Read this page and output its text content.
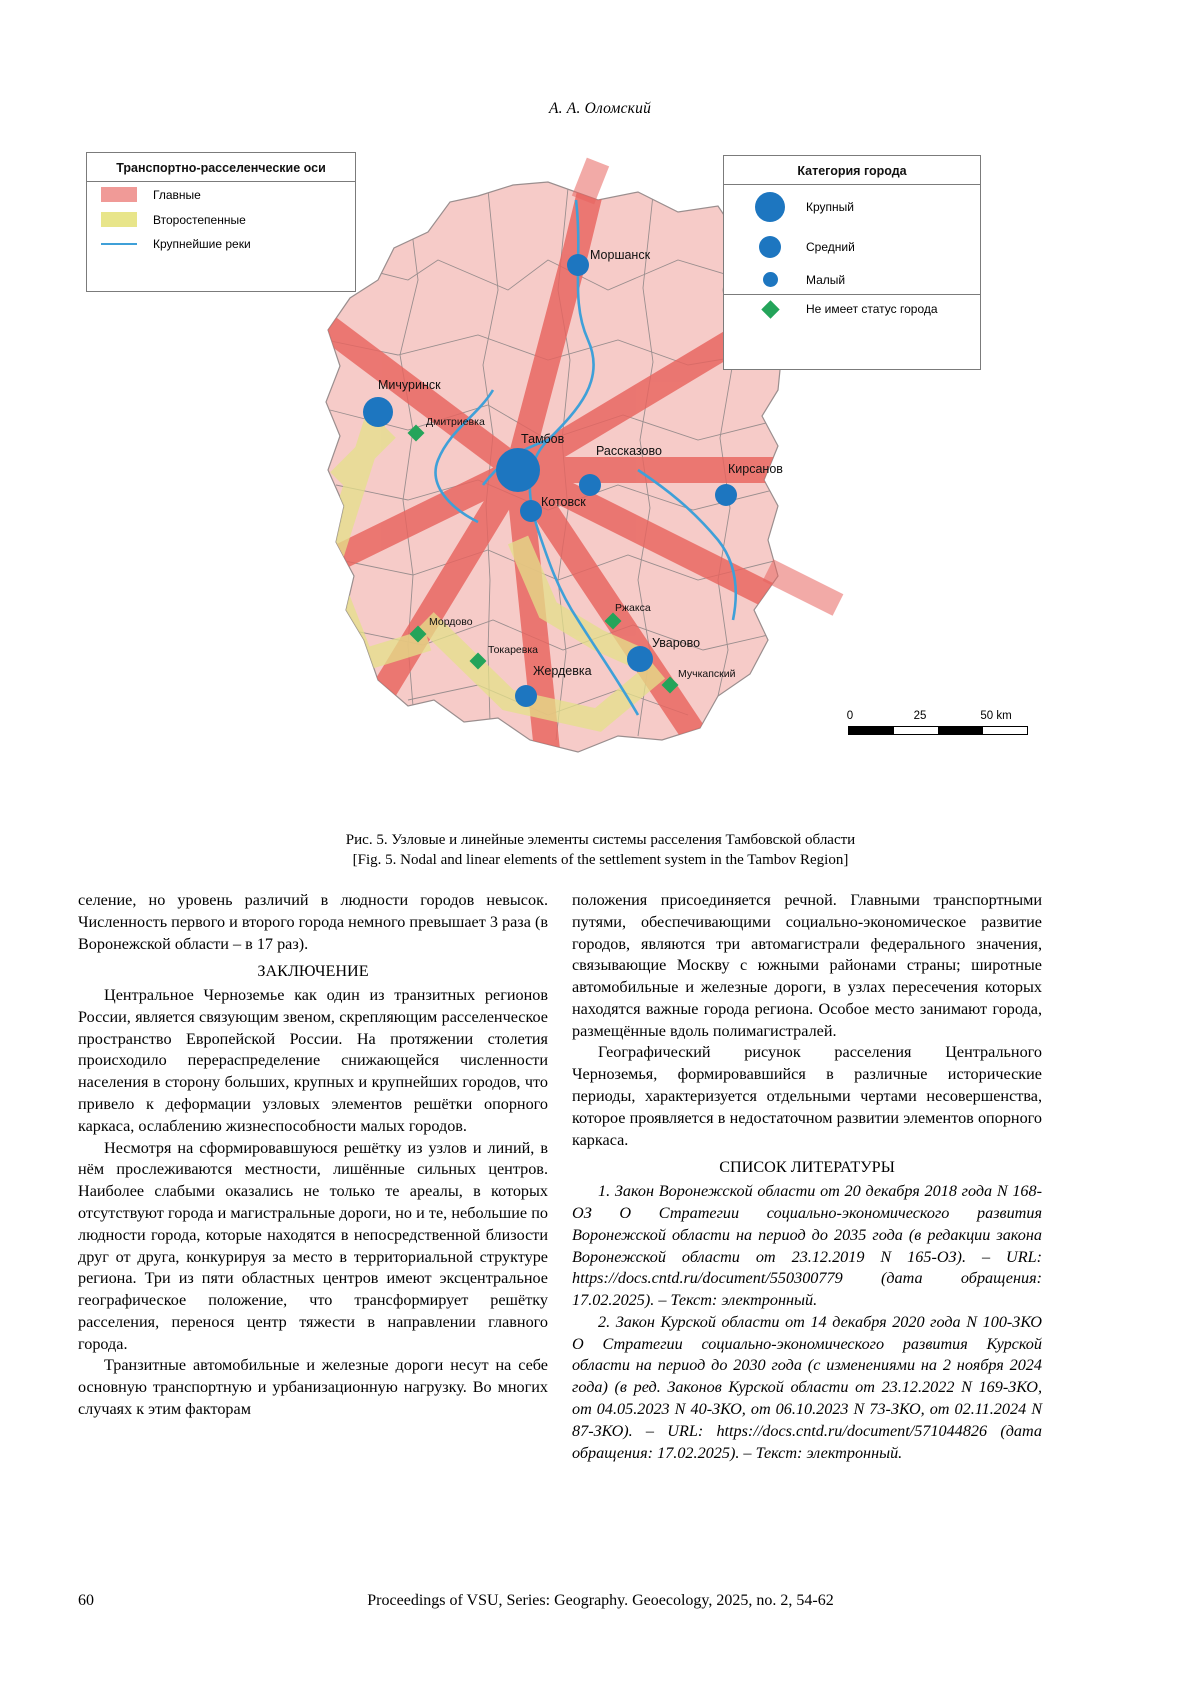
А. А. Оломский
Моршанск
Мичуринск
Дмитриевка
Тамбов
Рассказово
Кирсанов
Котовск
Мордово
Ржакса
Токаревка	Уварово
Жердевка	Мучкапский
Транспортно-расселенческие оси
Главные
Второстепенные
Крупнейшие реки
Категория города
Крупный
Средний
Малый
Не имеет статус города
0	25	50 km
Рис. 5. Узловые и линейные элементы системы расселения Тамбовской области
[Fig. 5. Nodal and linear elements of the settlement system in the Tambov Region]

селение, но уровень различий в людности городов невысок. Численность первого и второго города немного превышает 3 раза (в Воронежской области – в 17 раз).

ЗАКЛЮЧЕНИЕ

Центральное Черноземье как один из транзитных регионов России, является связующим звеном, скрепляющим расселенческое пространство Европейской России. На протяжении столетия происходило перераспределение снижающейся численности населения в сторону больших, крупных и крупнейших городов, что привело к деформации узловых элементов решётки опорного каркаса, ослаблению жизнеспособности малых городов.

Несмотря на сформировавшуюся решётку из узлов и линий, в нём прослеживаются местности, лишённые сильных центров. Наиболее слабыми оказались не только те ареалы, в которых отсутствуют города и магистральные дороги, но и те, небольшие по людности города, которые находятся в непосредственной близости друг от друга, конкурируя за место в территориальной структуре региона. Три из пяти областных центров имеют эксцентральное географическое положение, что трансформирует решётку расселения, перенося центр тяжести в направлении главного города.

Транзитные автомобильные и железные дороги несут на себе основную транспортную и урбанизационную нагрузку. Во многих случаях к этим факторам

положения присоединяется речной. Главными транспортными путями, обеспечивающими социально-экономическое развитие городов, являются три автомагистрали федерального значения, связывающие Москву с южными районами страны; широтные автомобильные и железные дороги, в узлах пересечения которых находятся важные города региона. Особое место занимают города, размещённые вдоль полимагистралей.

Географический рисунок расселения Центрального Черноземья, формировавшийся в различные исторические периоды, характеризуется отдельными чертами несовершенства, которое проявляется в недостаточном развитии элементов опорного каркаса.

СПИСОК ЛИТЕРАТУРЫ

1. Закон Воронежской области от 20 декабря 2018 года N 168-ОЗ О Стратегии социально-экономического развития Воронежской области на период до 2035 года (в редакции закона Воронежской области от 23.12.2019 N 165-ОЗ). – URL: https://docs.cntd.ru/document/550300779 (дата обращения: 17.02.2025). – Текст: электронный.

2. Закон Курской области от 14 декабря 2020 года N 100-ЗКО О Стратегии социально-экономического развития Курской области на период до 2030 года (с изменениями на 2 ноября 2024 года) (в ред. Законов Курской области от 23.12.2022 N 169-ЗКО, от 04.05.2023 N 40-ЗКО, от 06.10.2023 N 73-ЗКО, от 02.11.2024 N 87-ЗКО). – URL: https://docs.cntd.ru/document/571044826 (дата обращения: 17.02.2025). – Текст: электронный.

60	Proceedings of VSU, Series: Geography. Geoecology, 2025, no. 2, 54-62
